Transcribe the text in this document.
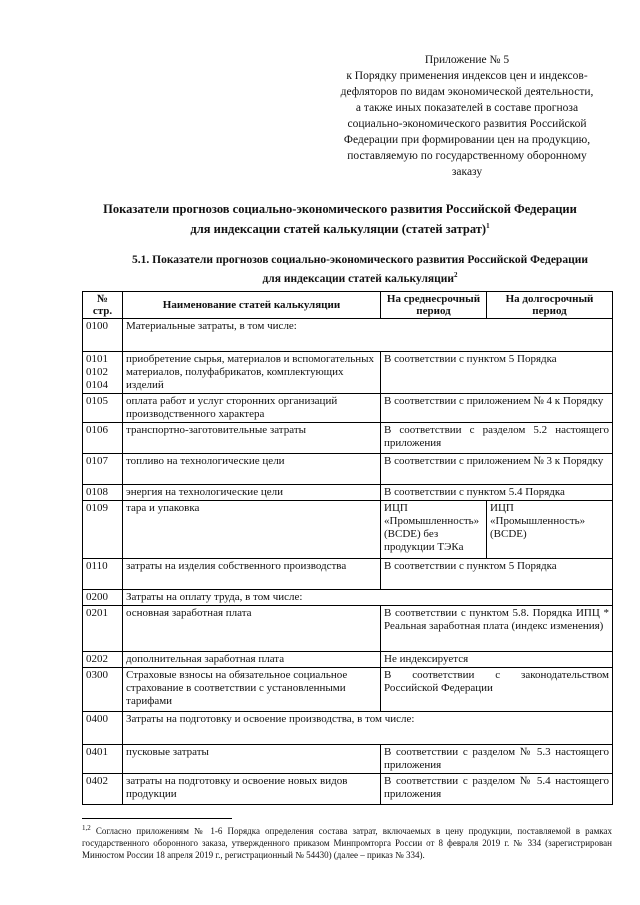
Приложение № 5
к Порядку применения индексов цен и индексов-
дефляторов по видам экономической деятельности,
а также иных показателей в составе прогноза
социально-экономического развития Российской
Федерации при формировании цен на продукцию,
поставляемую по государственному оборонному
заказу
Показатели прогнозов социально-экономического развития Российской Федерации
для индексации статей калькуляции (статей затрат)$^1$
5.1. Показатели прогнозов социально-экономического развития Российской Федерации
для индексации статей калькуляции$^2$
№ стр.	Наименование статей калькуляции	На среднесрочный период	На долгосрочный период
0100	Материальные затраты, в том числе:		

0101
0102
0104	приобретение сырья, материалов и вспомогательных материалов, полуфабрикатов, комплектующих изделий	В соответствии с пунктом 5 Порядка	
0105	оплата работ и услуг сторонних организаций производственного характера	В соответствии с приложением № 4 к Порядку	
0106	транспортно-заготовительные затраты	В соответствии с разделом 5.2 настоящего приложения	
0107	топливо на технологические цели	В соответствии с приложением № 3 к Порядку	
0108	энергия на технологические цели	В соответствии с пунктом 5.4 Порядка	
0109	тара и упаковка	ИЦП «Промышленность» (BCDE) без продукции ТЭКа	ИЦП «Промышленность» (BCDE)
0110	затраты на изделия собственного производства	В соответствии с пунктом 5 Порядка	
0200	Затраты на оплату труда, в том числе:		
0201	основная заработная плата	В соответствии с пунктом 5.8. Порядка ИПЦ * Реальная заработная плата (индекс изменения)	
0202	дополнительная заработная плата	Не индексируется	
0300	Страховые взносы на обязательное социальное страхование в соответствии с установленными тарифами	В соответствии с законодательством Российской Федерации	
0400	Затраты на подготовку и освоение производства, в том числе:		
0401	пусковые затраты	В соответствии с разделом № 5.3 настоящего приложения	
0402	затраты на подготовку и освоение новых видов продукции	В соответствии с разделом № 5.4 настоящего приложения	
$^{1,2}$ Согласно приложениям № 1-6 Порядка определения состава затрат, включаемых в цену продукции, поставляемой в рамках государственного оборонного заказа, утвержденного приказом Минпромторга России от 8 февраля 2019 г. № 334 (зарегистрирован Минюстом России 18 апреля 2019 г., регистрационный № 54430) (далее – приказ № 334).
